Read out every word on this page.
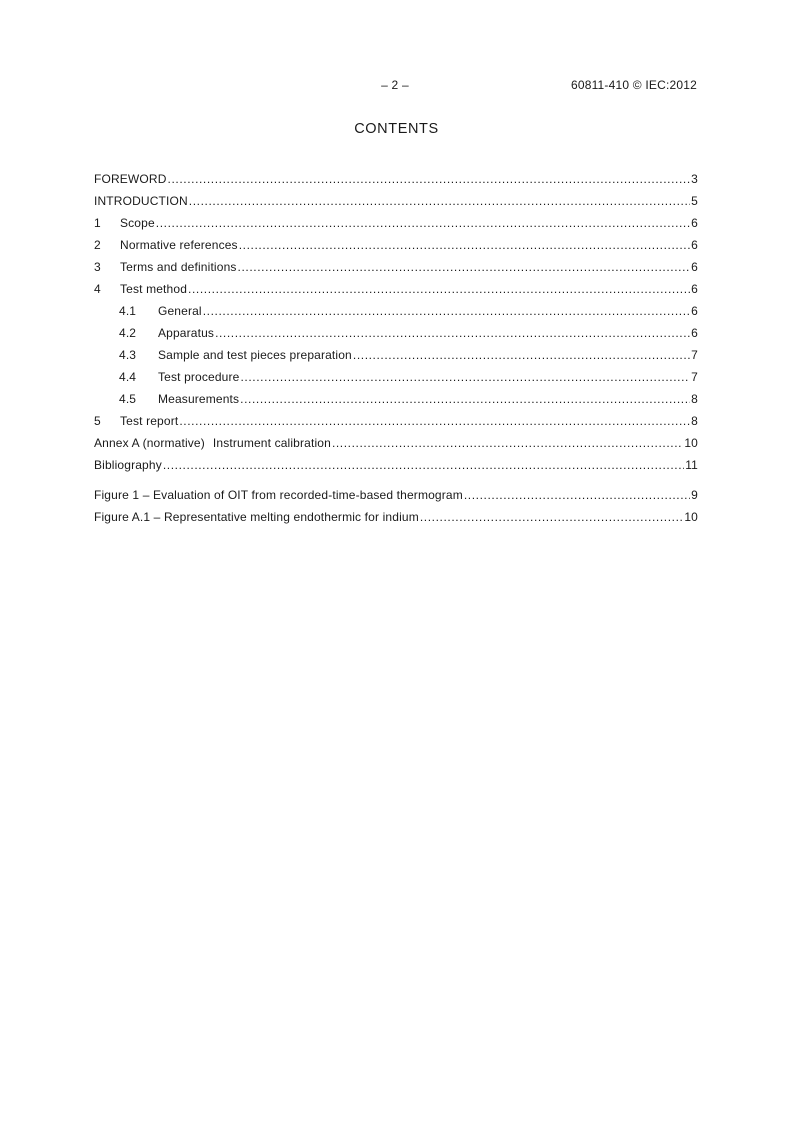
– 2 –	60811-410 © IEC:2012
CONTENTS
FOREWORD .....	3
INTRODUCTION .....	5
1	Scope .....	6
2	Normative references .....	6
3	Terms and definitions .....	6
4	Test method .....	6
4.1	General .....	6
4.2	Apparatus .....	6
4.3	Sample and test pieces preparation .....	7
4.4	Test procedure .....	7
4.5	Measurements .....	8
5	Test report .....	8
Annex A (normative) Instrument calibration .....	10
Bibliography .....	11
Figure 1 – Evaluation of OIT from recorded-time-based thermogram .....	9
Figure A.1 – Representative melting endothermic for indium .....	10
